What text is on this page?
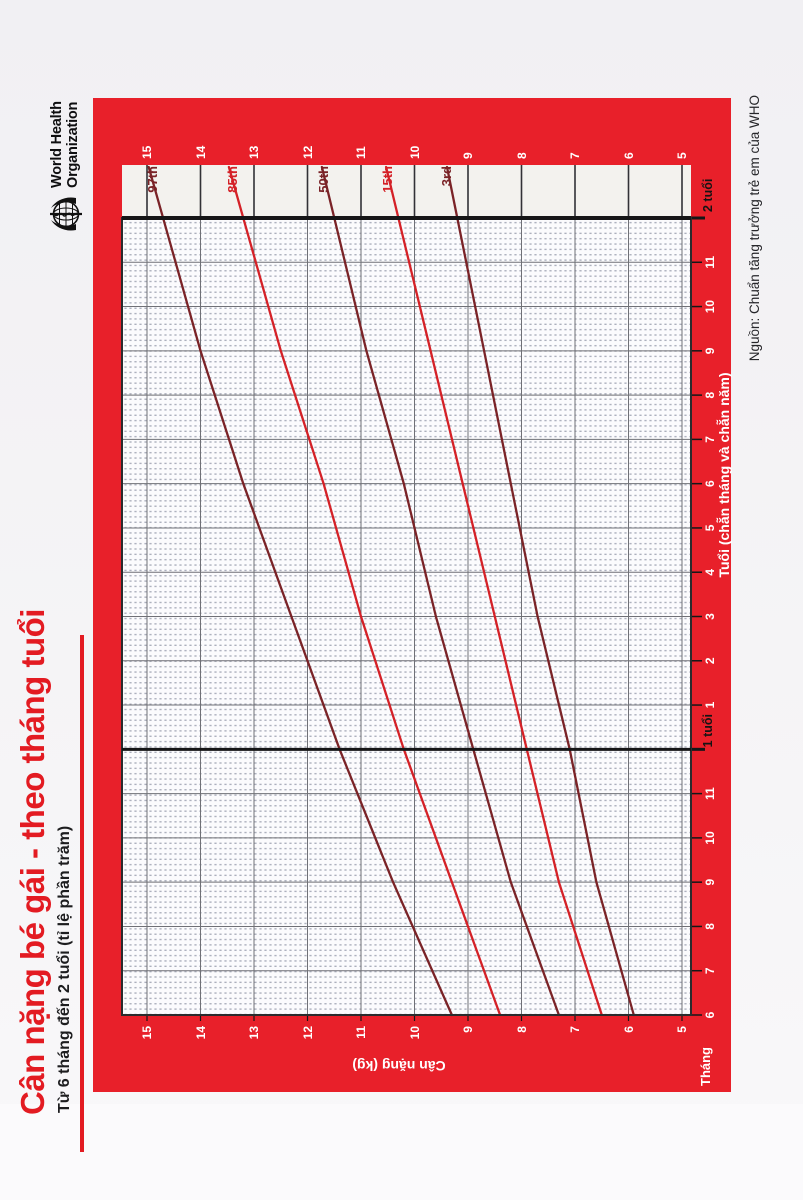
Cân nặng bé gái - theo tháng tuổi Từ 6 tháng đến 2 tuổi (tỉ lệ phần trăm)
World Health Organization
Cân nặng (kg)
Tuổi (chẵn tháng và chẵn năm)
Tháng
Nguồn: Chuẩn tăng trưởng trẻ em của WHO
5
5
6
6
7
7
8
8
9
9
10
10
11
11
12
12
13
13
14
14
15
15
6
7
8
9
10
11
1 tuổi
1
2
3
4
5
6
7
8
9
10
11
2 tuổi
97th	85th	50th	15th	3rd
